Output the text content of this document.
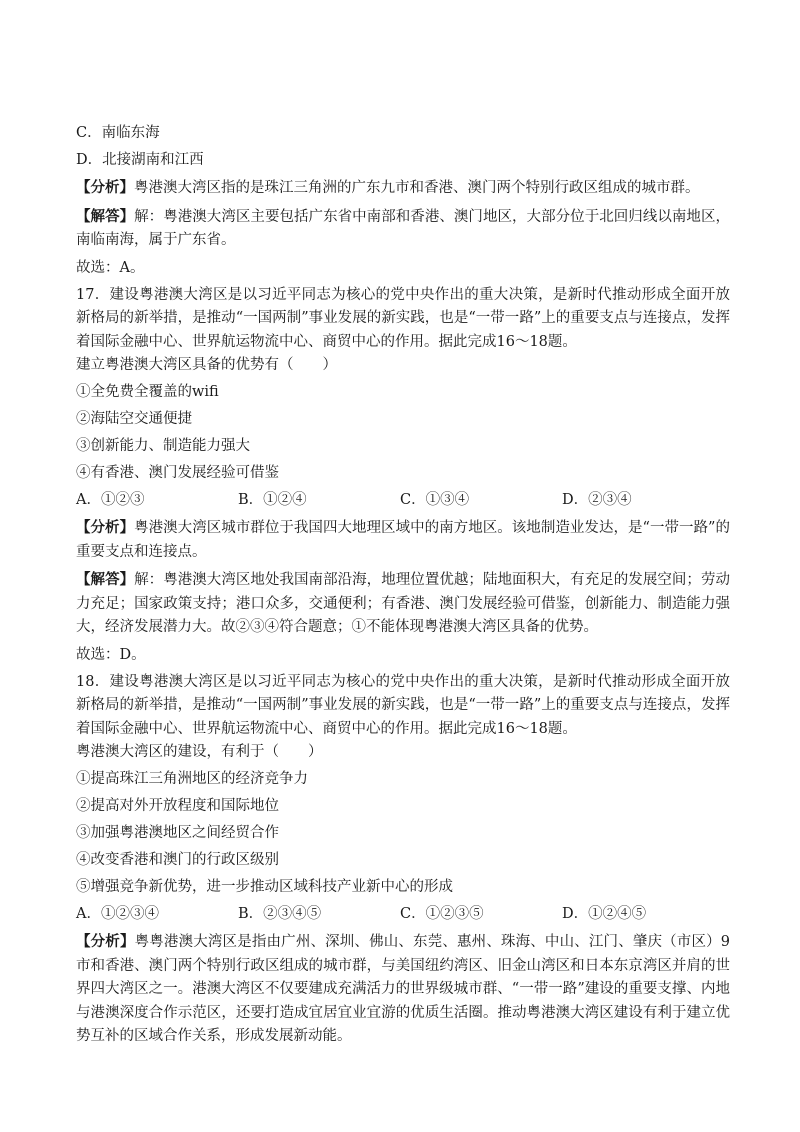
C．南临东海

D．北接湖南和江西

【分析】粤港澳大湾区指的是珠江三角洲的广东九市和香港、澳门两个特别行政区组成的城市群。

【解答】解：粤港澳大湾区主要包括广东省中南部和香港、澳门地区，大部分位于北回归线以南地区，南临南海，属于广东省。

故选：A。

17．建设粤港澳大湾区是以习近平同志为核心的党中央作出的重大决策，是新时代推动形成全面开放新格局的新举措，是推动“一国两制”事业发展的新实践，也是“一带一路”上的重要支点与连接点，发挥着国际金融中心、世界航运物流中心、商贸中心的作用。据此完成16～18题。

建立粤港澳大湾区具备的优势有（　　）

①全免费全覆盖的wifi

②海陆空交通便捷

③创新能力、制造能力强大

④有香港、澳门发展经验可借鉴

A．①②③	B．①②④	C．①③④	D．②③④

【分析】粤港澳大湾区城市群位于我国四大地理区域中的南方地区。该地制造业发达，是“一带一路”的重要支点和连接点。

【解答】解：粤港澳大湾区地处我国南部沿海，地理位置优越；陆地面积大，有充足的发展空间；劳动力充足；国家政策支持；港口众多，交通便利；有香港、澳门发展经验可借鉴，创新能力、制造能力强大，经济发展潜力大。故②③④符合题意；①不能体现粤港澳大湾区具备的优势。

故选：D。

18．建设粤港澳大湾区是以习近平同志为核心的党中央作出的重大决策，是新时代推动形成全面开放新格局的新举措，是推动“一国两制”事业发展的新实践，也是“一带一路”上的重要支点与连接点，发挥着国际金融中心、世界航运物流中心、商贸中心的作用。据此完成16～18题。

粤港澳大湾区的建设，有利于（　　）

①提高珠江三角洲地区的经济竞争力

②提高对外开放程度和国际地位

③加强粤港澳地区之间经贸合作

④改变香港和澳门的行政区级别

⑤增强竞争新优势，进一步推动区域科技产业新中心的形成

A．①②③④	B．②③④⑤	C．①②③⑤	D．①②④⑤

【分析】粤粤港澳大湾区是指由广州、深圳、佛山、东莞、惠州、珠海、中山、江门、肇庆（市区）9市和香港、澳门两个特别行政区组成的城市群，与美国纽约湾区、旧金山湾区和日本东京湾区并肩的世界四大湾区之一。港澳大湾区不仅要建成充满活力的世界级城市群、“一带一路”建设的重要支撑、内地与港澳深度合作示范区，还要打造成宜居宜业宜游的优质生活圈。推动粤港澳大湾区建设有利于建立优势互补的区域合作关系，形成发展新动能。
